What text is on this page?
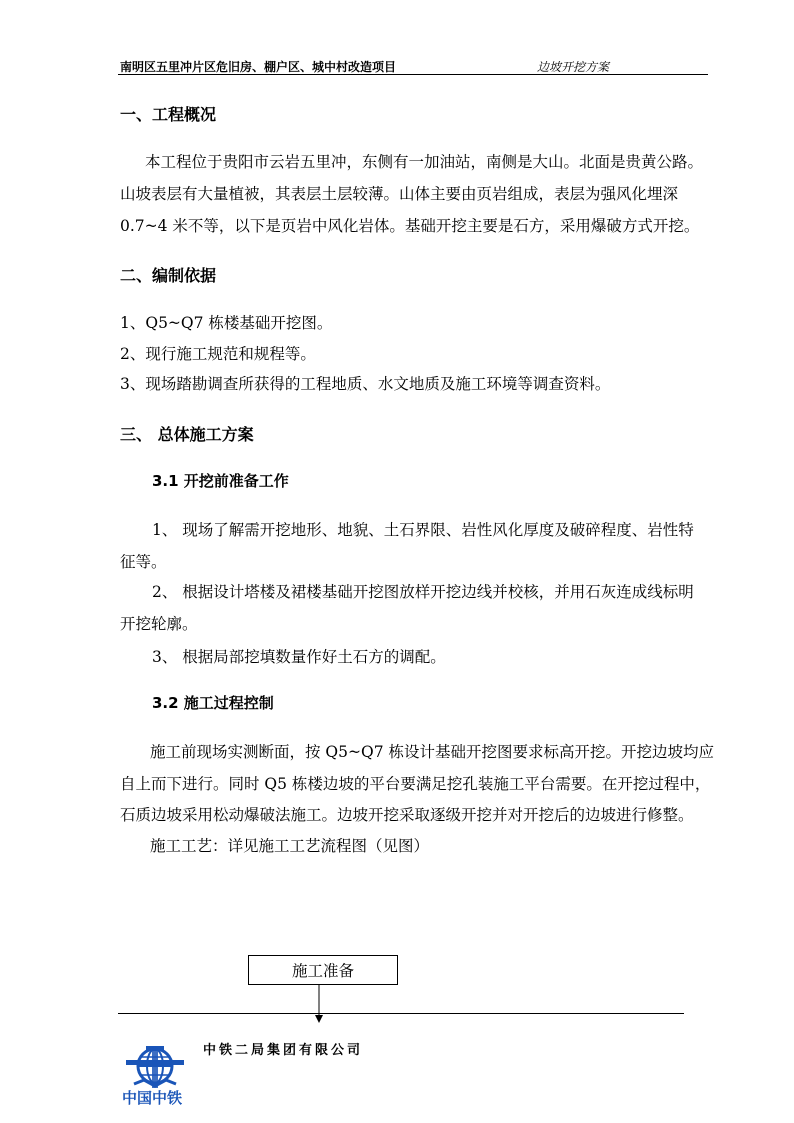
南明区五里冲片区危旧房、棚户区、城中村改造项目	边坡开挖方案
一、工程概况
本工程位于贵阳市云岩五里冲，东侧有一加油站，南侧是大山。北面是贵黄公路。
山坡表层有大量植被，其表层土层较薄。山体主要由页岩组成，表层为强风化埋深
0.7~4 米不等，以下是页岩中风化岩体。基础开挖主要是石方，采用爆破方式开挖。
二、编制依据
1、Q5~Q7 栋楼基础开挖图。
2、现行施工规范和规程等。
3、现场踏勘调查所获得的工程地质、水文地质及施工环境等调查资料。
三、 总体施工方案
3.1 开挖前准备工作
1、 现场了解需开挖地形、地貌、土石界限、岩性风化厚度及破碎程度、岩性特
征等。
2、 根据设计塔楼及裙楼基础开挖图放样开挖边线并校核，并用石灰连成线标明
开挖轮廓。
3、 根据局部挖填数量作好土石方的调配。
3.2 施工过程控制
施工前现场实测断面，按 Q5~Q7 栋设计基础开挖图要求标高开挖。开挖边坡均应
自上而下进行。同时 Q5 栋楼边坡的平台要满足挖孔装施工平台需要。在开挖过程中，
石质边坡采用松动爆破法施工。边坡开挖采取逐级开挖并对开挖后的边坡进行修整。
施工工艺：详见施工工艺流程图（见图）
施工准备
中国中铁
中铁二局集团有限公司
